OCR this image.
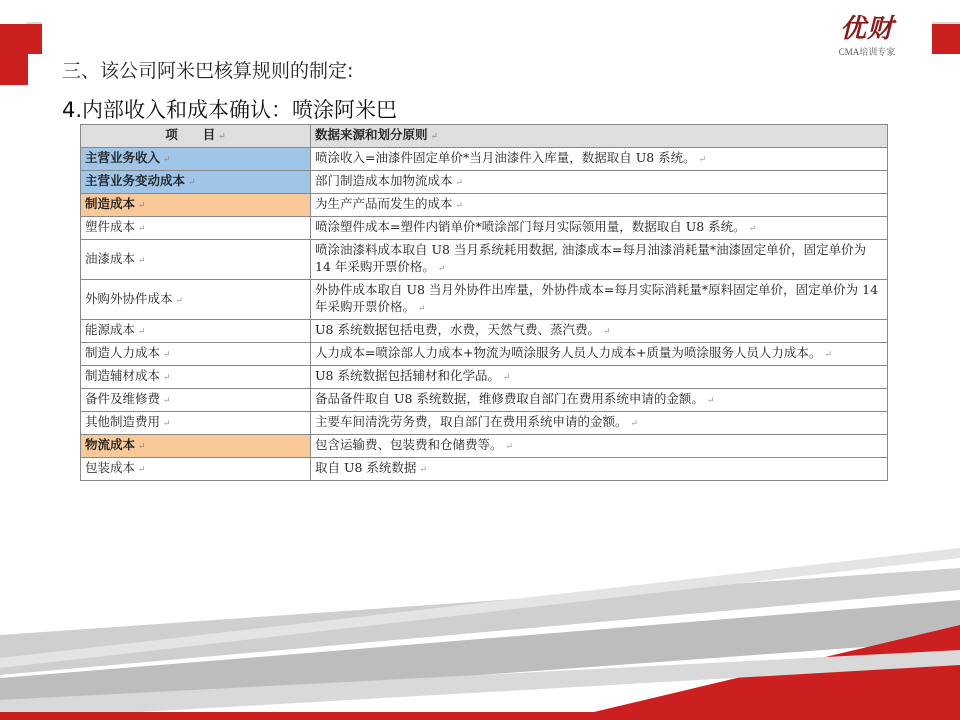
优财
CMA培训专家
三、该公司阿米巴核算规则的制定:
4.内部收入和成本确认：喷涂阿米巴
项　　目 ↵	数据来源和划分原则 ↵
主营业务收入 ↵	喷涂收入=油漆件固定单价*当月油漆件入库量，数据取自 U8 系统。 ↵
主营业务变动成本 ↵	部门制造成本加物流成本 ↵
制造成本 ↵	为生产产品而发生的成本 ↵
塑件成本 ↵	喷涂塑件成本=塑件内销单价*喷涂部门每月实际领用量，数据取自 U8 系统。 ↵
油漆成本 ↵	喷涂油漆料成本取自 U8 当月系统耗用数据, 油漆成本=每月油漆消耗量*油漆固定单价，固定单价为 14 年采购开票价格。 ↵
外购外协件成本 ↵	外协件成本取自 U8 当月外协件出库量，外协件成本=每月实际消耗量*原料固定单价，固定单价为 14 年采购开票价格。 ↵
能源成本 ↵	U8 系统数据包括电费，水费，天然气费、蒸汽费。 ↵
制造人力成本 ↵	人力成本=喷涂部人力成本+物流为喷涂服务人员人力成本+质量为喷涂服务人员人力成本。 ↵
制造辅材成本 ↵	U8 系统数据包括辅材和化学品。 ↵
备件及维修费 ↵	备品备件取自 U8 系统数据，维修费取自部门在费用系统申请的金额。 ↵
其他制造费用 ↵	主要车间清洗劳务费，取自部门在费用系统申请的金额。 ↵
物流成本 ↵	包含运输费、包装费和仓储费等。 ↵
包装成本 ↵	取自 U8 系统数据 ↵
